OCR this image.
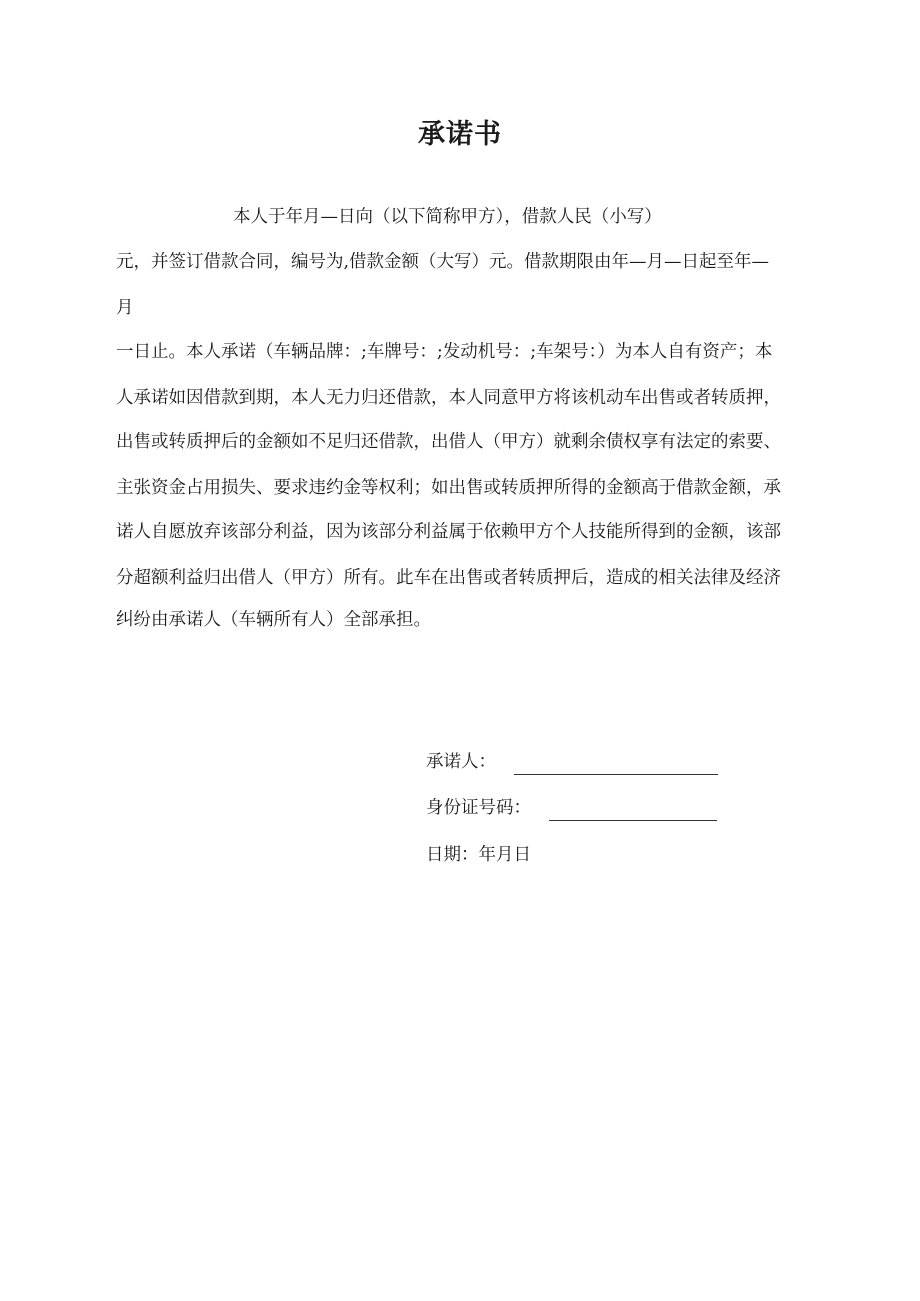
承诺书

本人于年月—日向（以下简称甲方），借款人民（小写）

元，并签订借款合同，编号为,借款金额（大写）元。借款期限由年—月—日起至年—

月

一日止。本人承诺（车辆品牌：;车牌号：;发动机号：;车架号：）为本人自有资产；本

人承诺如因借款到期，本人无力归还借款，本人同意甲方将该机动车出售或者转质押，

出售或转质押后的金额如不足归还借款，出借人（甲方）就剩余债权享有法定的索要、

主张资金占用损失、要求违约金等权利；如出售或转质押所得的金额高于借款金额，承

诺人自愿放弃该部分利益，因为该部分利益属于依赖甲方个人技能所得到的金额，该部

分超额利益归出借人（甲方）所有。此车在出售或者转质押后，造成的相关法律及经济

纠纷由承诺人（车辆所有人）全部承担。

承诺人：
身份证号码：
日期：年月日
